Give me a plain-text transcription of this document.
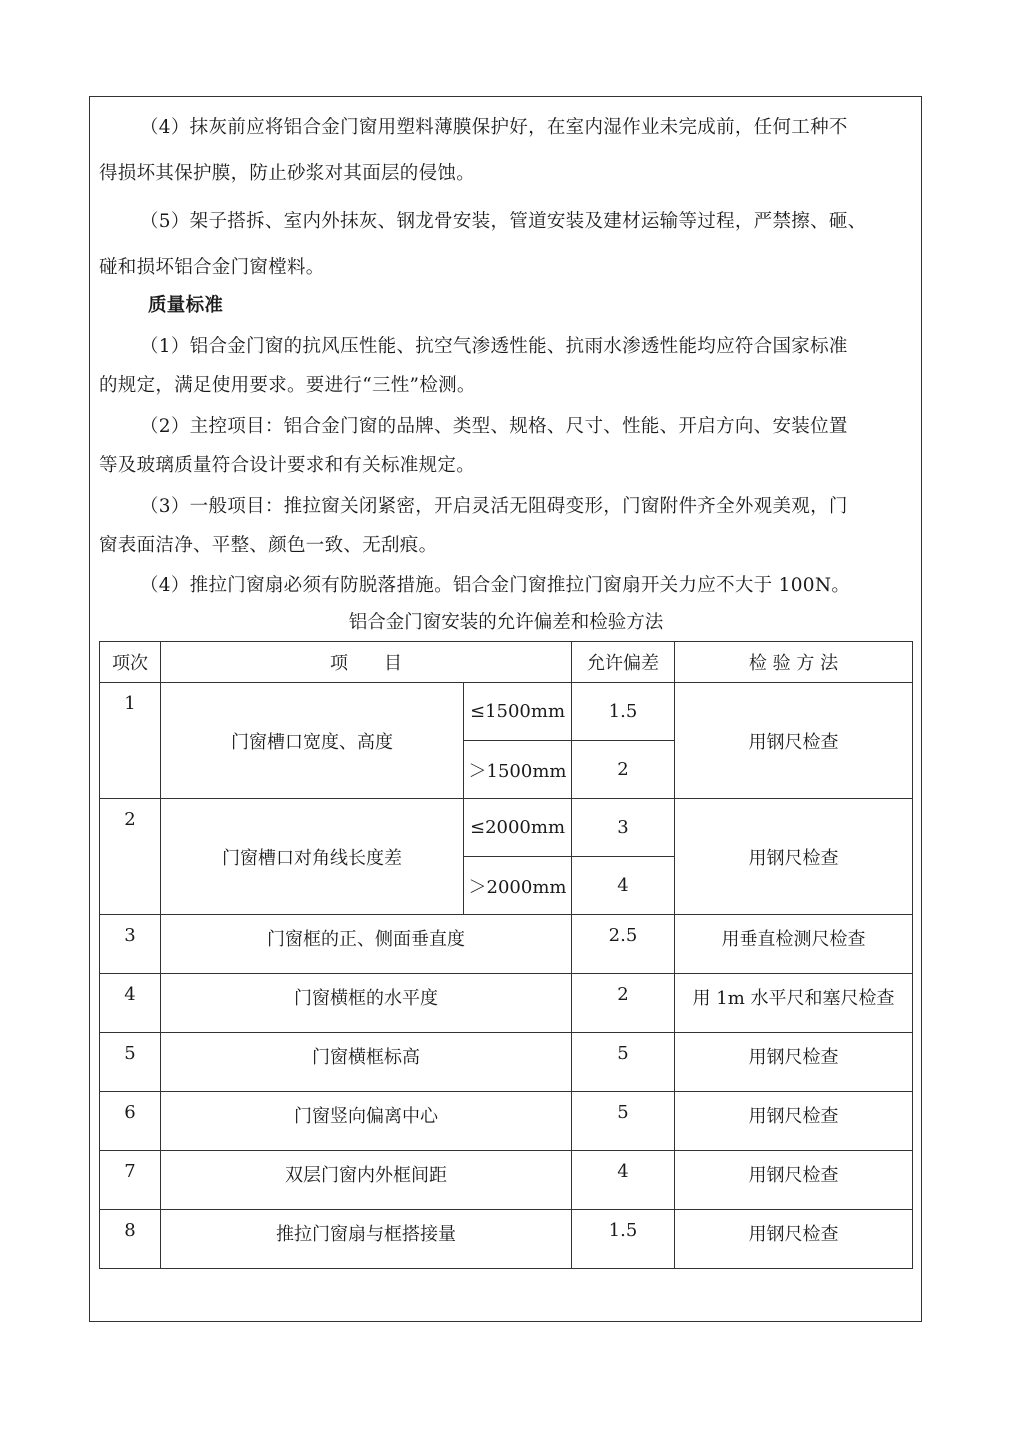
（4）抹灰前应将铝合金门窗用塑料薄膜保护好，在室内湿作业未完成前，任何工种不
得损坏其保护膜，防止砂浆对其面层的侵蚀。
（5）架子搭拆、室内外抹灰、钢龙骨安装，管道安装及建材运输等过程，严禁擦、砸、
碰和损坏铝合金门窗樘料。
质量标准
（1）铝合金门窗的抗风压性能、抗空气渗透性能、抗雨水渗透性能均应符合国家标准
的规定，满足使用要求。要进行“三性”检测。
（2）主控项目：铝合金门窗的品牌、类型、规格、尺寸、性能、开启方向、安装位置
等及玻璃质量符合设计要求和有关标准规定。
（3）一般项目：推拉窗关闭紧密，开启灵活无阻碍变形，门窗附件齐全外观美观，门
窗表面洁净、平整、颜色一致、无刮痕。
（4）推拉门窗扇必须有防脱落措施。铝合金门窗推拉门窗扇开关力应不大于 100N。
铝合金门窗安装的允许偏差和检验方法
项次	项　　目		允许偏差	检 验 方 法
1	门窗槽口宽度、高度	≤1500mm	1.5	用钢尺检查
		＞1500mm	2	
2	门窗槽口对角线长度差	≤2000mm	3	用钢尺检查
		＞2000mm	4	
3	门窗框的正、侧面垂直度		2.5	用垂直检测尺检查
4	门窗横框的水平度		2	用 1m 水平尺和塞尺检查
5	门窗横框标高		5	用钢尺检查
6	门窗竖向偏离中心		5	用钢尺检查
7	双层门窗内外框间距		4	用钢尺检查
8	推拉门窗扇与框搭接量		1.5	用钢尺检查
